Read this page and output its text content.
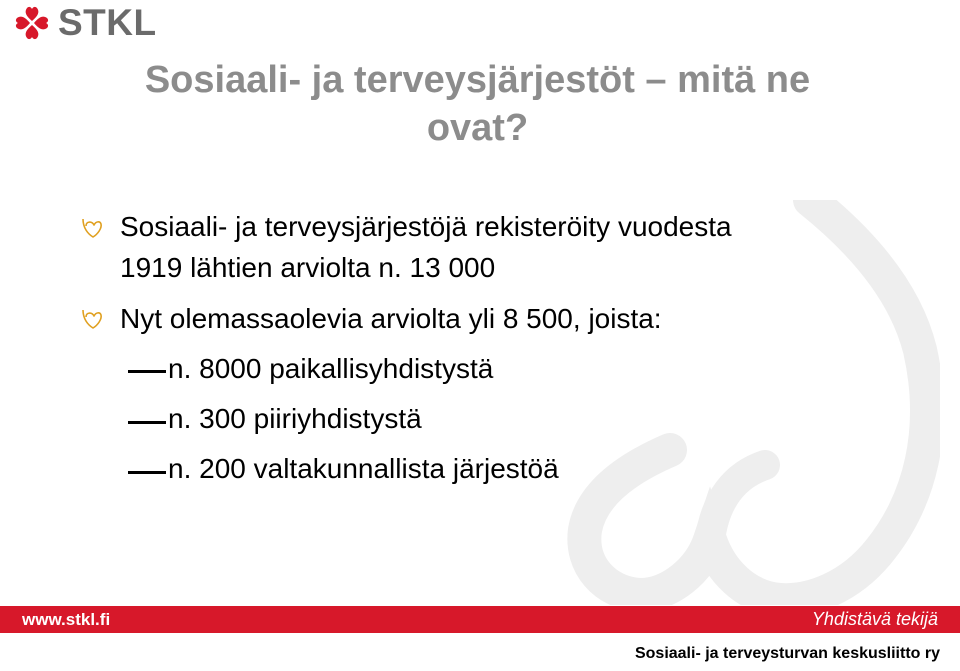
STKL
Sosiaali- ja terveysjärjestöt – mitä ne ovat?
Sosiaali- ja terveysjärjestöjä rekisteröity vuodesta
1919 lähtien arviolta n. 13 000
Nyt olemassaolevia arviolta yli 8 500, joista:
n. 8000 paikallisyhdistystä
n. 300 piiriyhdistystä
n. 200 valtakunnallista järjestöä
www.stkl.fi	Yhdistävä tekijä
Sosiaali- ja terveysturvan keskusliitto ry
